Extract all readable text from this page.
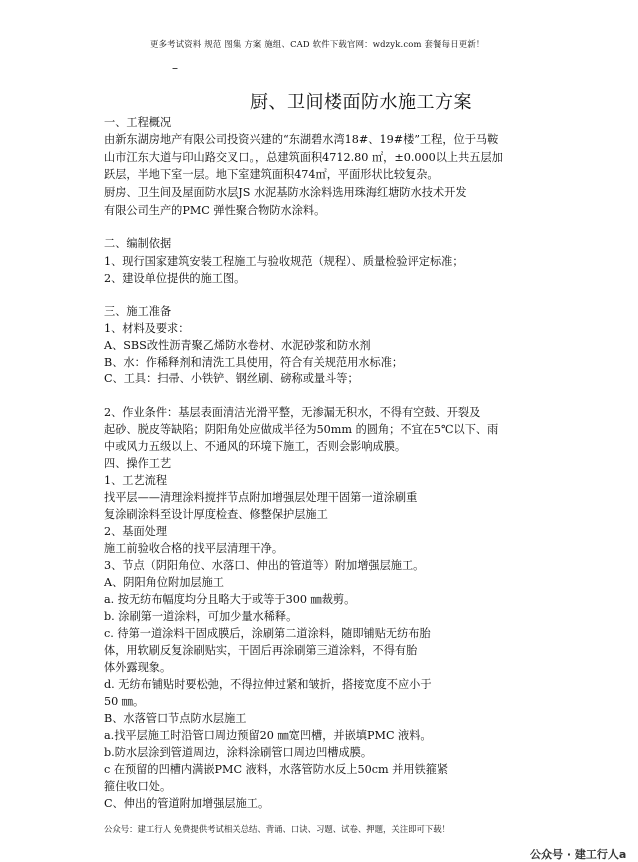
更多考试资料 规范 图集 方案 施组、CAD 软件下载官网：wdzyk.com 套餐每日更新！
–
厨、卫间楼面防水施工方案
一、工程概况
由新东湖房地产有限公司投资兴建的“东湖碧水湾18#、19#楼”工程，位于马鞍
山市江东大道与印山路交叉口。，总建筑面积4712.80 ㎡，±0.000以上共五层加
跃层，半地下室一层。地下室建筑面积474㎡，平面形状比较复杂。
厨房、卫生间及屋面防水层JS 水泥基防水涂料选用珠海红塘防水技术开发
有限公司生产的PMC 弹性聚合物防水涂料。
二、编制依据
1、现行国家建筑安装工程施工与验收规范（规程）、质量检验评定标准；
2、建设单位提供的施工图。
三、施工准备
1、材料及要求：
A、SBS改性沥青聚乙烯防水卷材、水泥砂浆和防水剂
B、水：作稀释剂和清洗工具使用，符合有关规范用水标准；
C、工具：扫帚、小铁铲、钢丝刷、磅称或量斗等；
2、作业条件：基层表面清洁光滑平整，无渗漏无积水，不得有空鼓、开裂及
起砂、脱皮等缺陷；阴阳角处应做成半径为50mm 的圆角；不宜在5℃以下、雨
中或风力五级以上、不通风的环境下施工，否则会影响成膜。
四、操作工艺
1、工艺流程
找平层——清理涂料搅拌节点附加增强层处理干固第一道涂刷重
复涂刷涂料至设计厚度检查、修整保护层施工
2、基面处理
施工前验收合格的找平层清理干净。
3、节点（阴阳角位、水落口、伸出的管道等）附加增强层施工。
A、阴阳角位附加层施工
a. 按无纺布幅度均分且略大于或等于300 ㎜裁剪。
b. 涂刷第一道涂料，可加少量水稀释。
c. 待第一道涂料干固成膜后，涂刷第二道涂料，随即铺贴无纺布胎
体，用软刷反复涂刷贴实，干固后再涂刷第三道涂料，不得有胎
体外露现象。
d. 无纺布铺贴时要松弛，不得拉伸过紧和皱折，搭接宽度不应小于
50 ㎜。
B、水落管口节点防水层施工
a.找平层施工时沿管口周边预留20 ㎜宽凹槽，并嵌填PMC 液料。
b.防水层涂到管道周边，涂料涂刷管口周边凹槽成膜。
c 在预留的凹槽内满嵌PMC 液料，水落管防水反上50cm 并用铁箍紧
箍住收口处。
C、伸出的管道附加增强层施工。
公众号：建工行人 免费提供考试相关总结、背诵、口诀、习题、试卷、押题，关注即可下载！
公众号 · 建工行人a
